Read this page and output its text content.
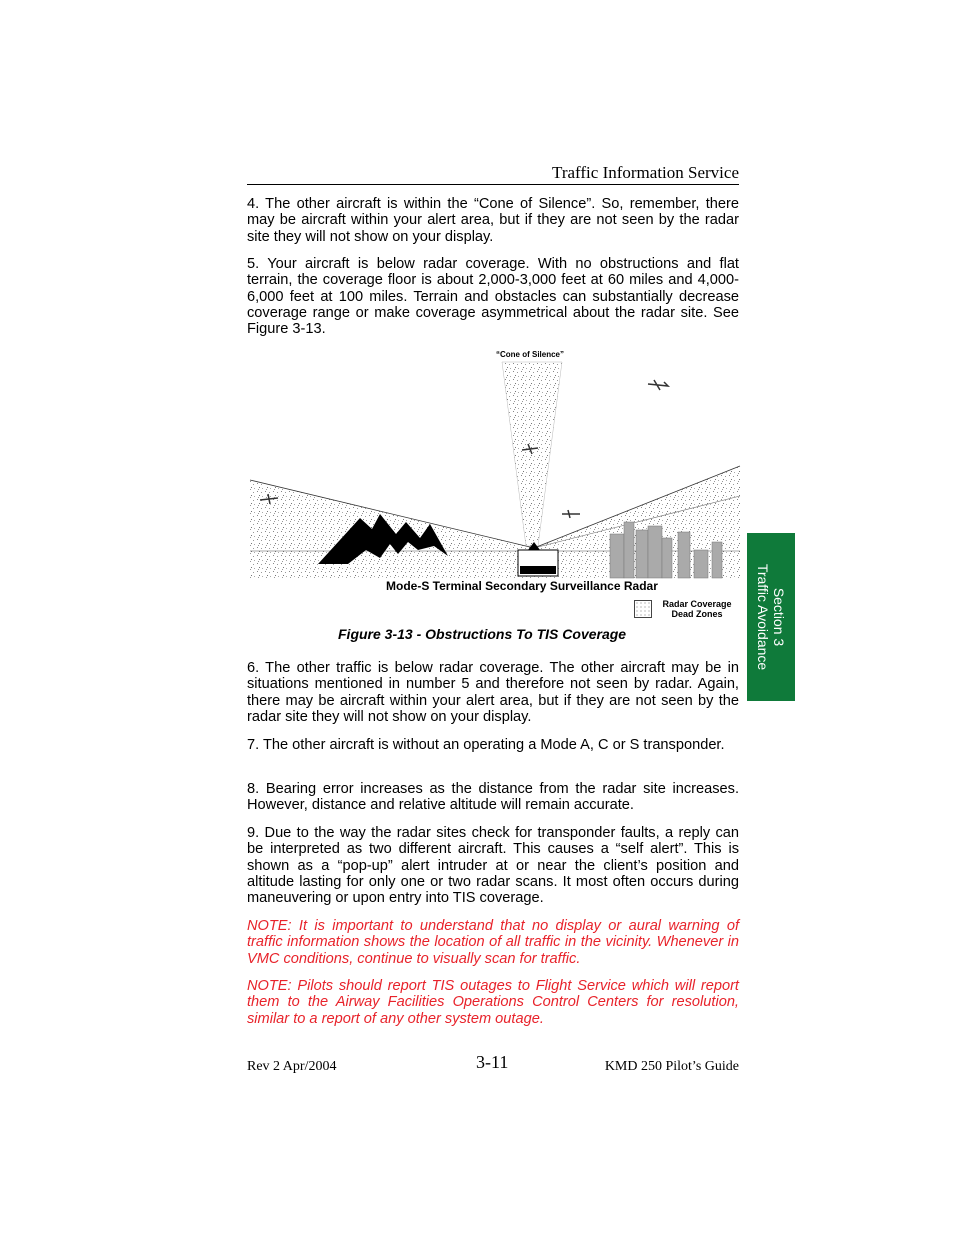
Traffic Information Service

4. The other aircraft is within the “Cone of Silence”. So, remember, there may be aircraft within your alert area, but if they are not seen by the radar site they will not show on your display.

5. Your aircraft is below radar coverage. With no obstructions and flat terrain, the coverage floor is about 2,000-3,000 feet at 60 miles and 4,000-6,000 feet at 100 miles. Terrain and obstacles can substantially decrease coverage range or make coverage asymmetrical about the radar site. See Figure 3-13.

“Cone of Silence”
Mode-S Terminal Secondary Surveillance Radar
Radar Coverage
Dead Zones
Figure 3-13 - Obstructions To TIS Coverage

6. The other traffic is below radar coverage. The other aircraft may be in situations mentioned in number 5 and therefore not seen by radar. Again, there may be aircraft within your alert area, but if they are not seen by the radar site they will not show on your display.

7. The other aircraft is without an operating a Mode A, C or S transponder.

8. Bearing error increases as the distance from the radar site increases. However, distance and relative altitude will remain accurate.

9. Due to the way the radar sites check for transponder faults, a reply can be interpreted as two different aircraft. This causes a “self alert”. This is shown as a “pop-up” alert intruder at or near the client’s position and altitude lasting for only one or two radar scans. It most often occurs during maneuvering or upon entry into TIS coverage.

NOTE: It is important to understand that no display or aural warning of traffic information shows the location of all traffic in the vicinity. Whenever in VMC conditions, continue to visually scan for traffic.

NOTE: Pilots should report TIS outages to Flight Service which will report them to the Airway Facilities Operations Control Centers for resolution, similar to a report of any other system outage.

Section 3
Traffic Avoidance
Rev 2 Apr/2004	3-11	KMD 250 Pilot’s Guide
